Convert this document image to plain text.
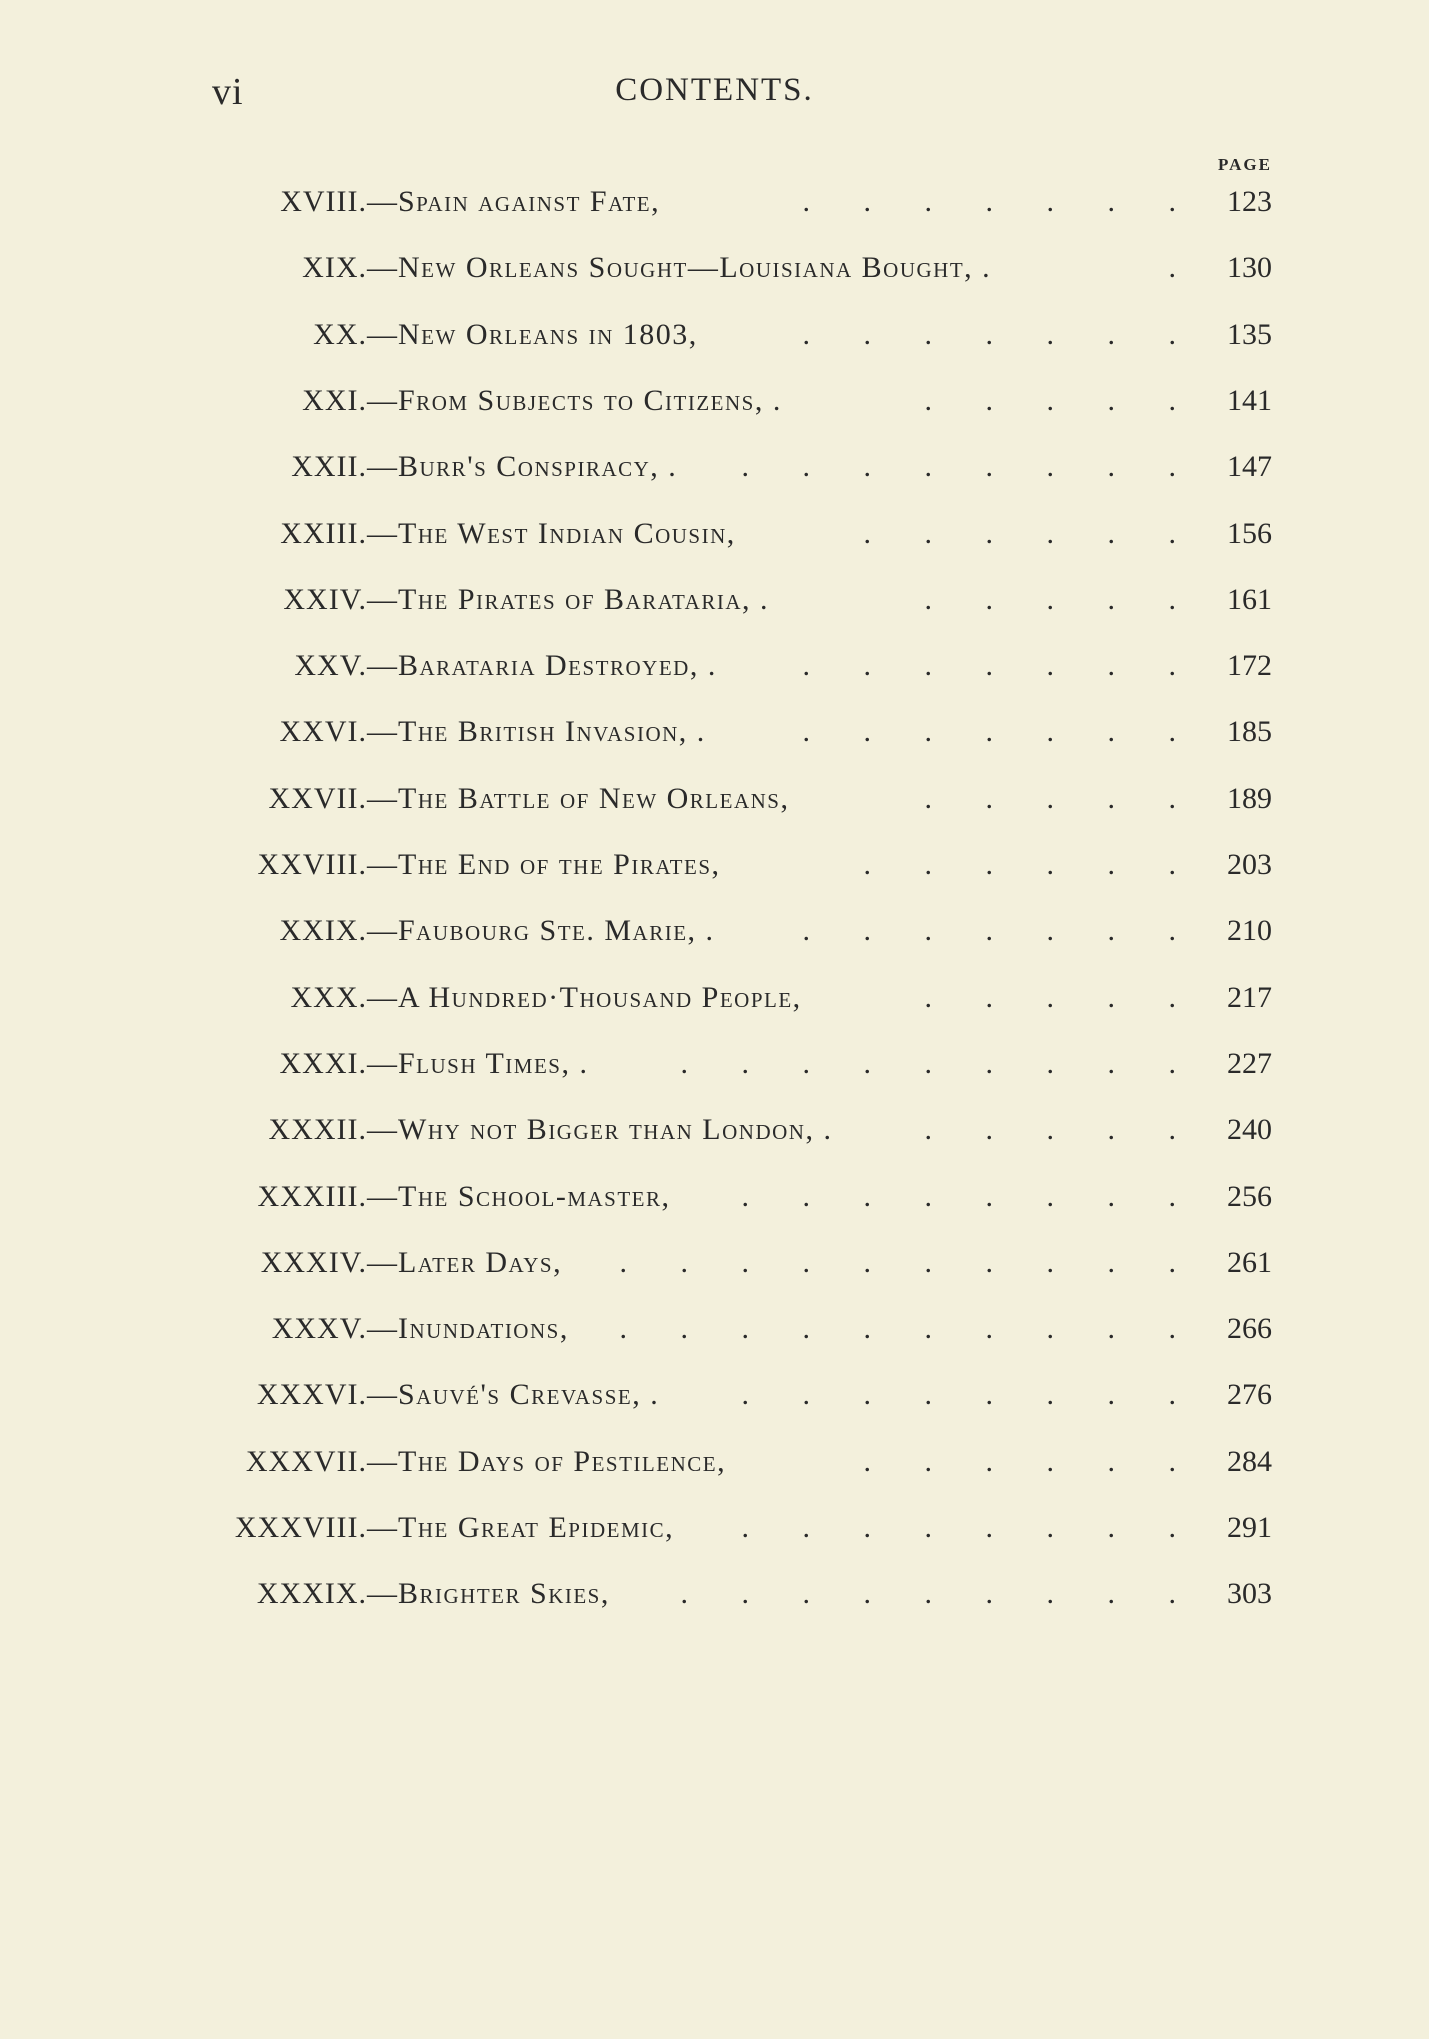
vi	CONTENTS.
PAGE
XVIII. — Spain against Fate,	. . . . . . . 123
XIX. — New Orleans Sought—Louisiana Bought, .	. 130
XX. — New Orleans in 1803,	. . . . . . . 135
XXI. — From Subjects to Citizens, .	. . . . . 141
XXII. — Burr's Conspiracy, . . . . . . . . . 147
XXIII. — The West Indian Cousin,	. . . . . . 156
XXIV. — The Pirates of Barataria, .	. . . . . 161
XXV. — Barataria Destroyed, .	. . . . . . . 172
XXVI. — The British Invasion, .	. . . . . . . 185
XXVII. — The Battle of New Orleans,	. . . . . 189
XXVIII. — The End of the Pirates,	. . . . . . 203
XXIX. — Faubourg Ste. Marie, .	. . . . . . . 210
XXX. — A Hundred·Thousand People,	. . . . . 217
XXXI. — Flush Times, .	. . . . . . . . . 227
XXXII. — Why not Bigger than London, .	. . . . . 240
XXXIII. — The School-master, . . . . . . . . 256
XXXIV. — Later Days, . . . . . . . . . . 261
XXXV. — Inundations, . . . . . . . . . . 266
XXXVI. — Sauvé's Crevasse, .	. . . . . . . . 276
XXXVII. — The Days of Pestilence,	. . . . . . 284
XXXVIII. — The Great Epidemic, . . . . . . . . 291
XXXIX. — Brighter Skies, . . . . . . . . . 303
